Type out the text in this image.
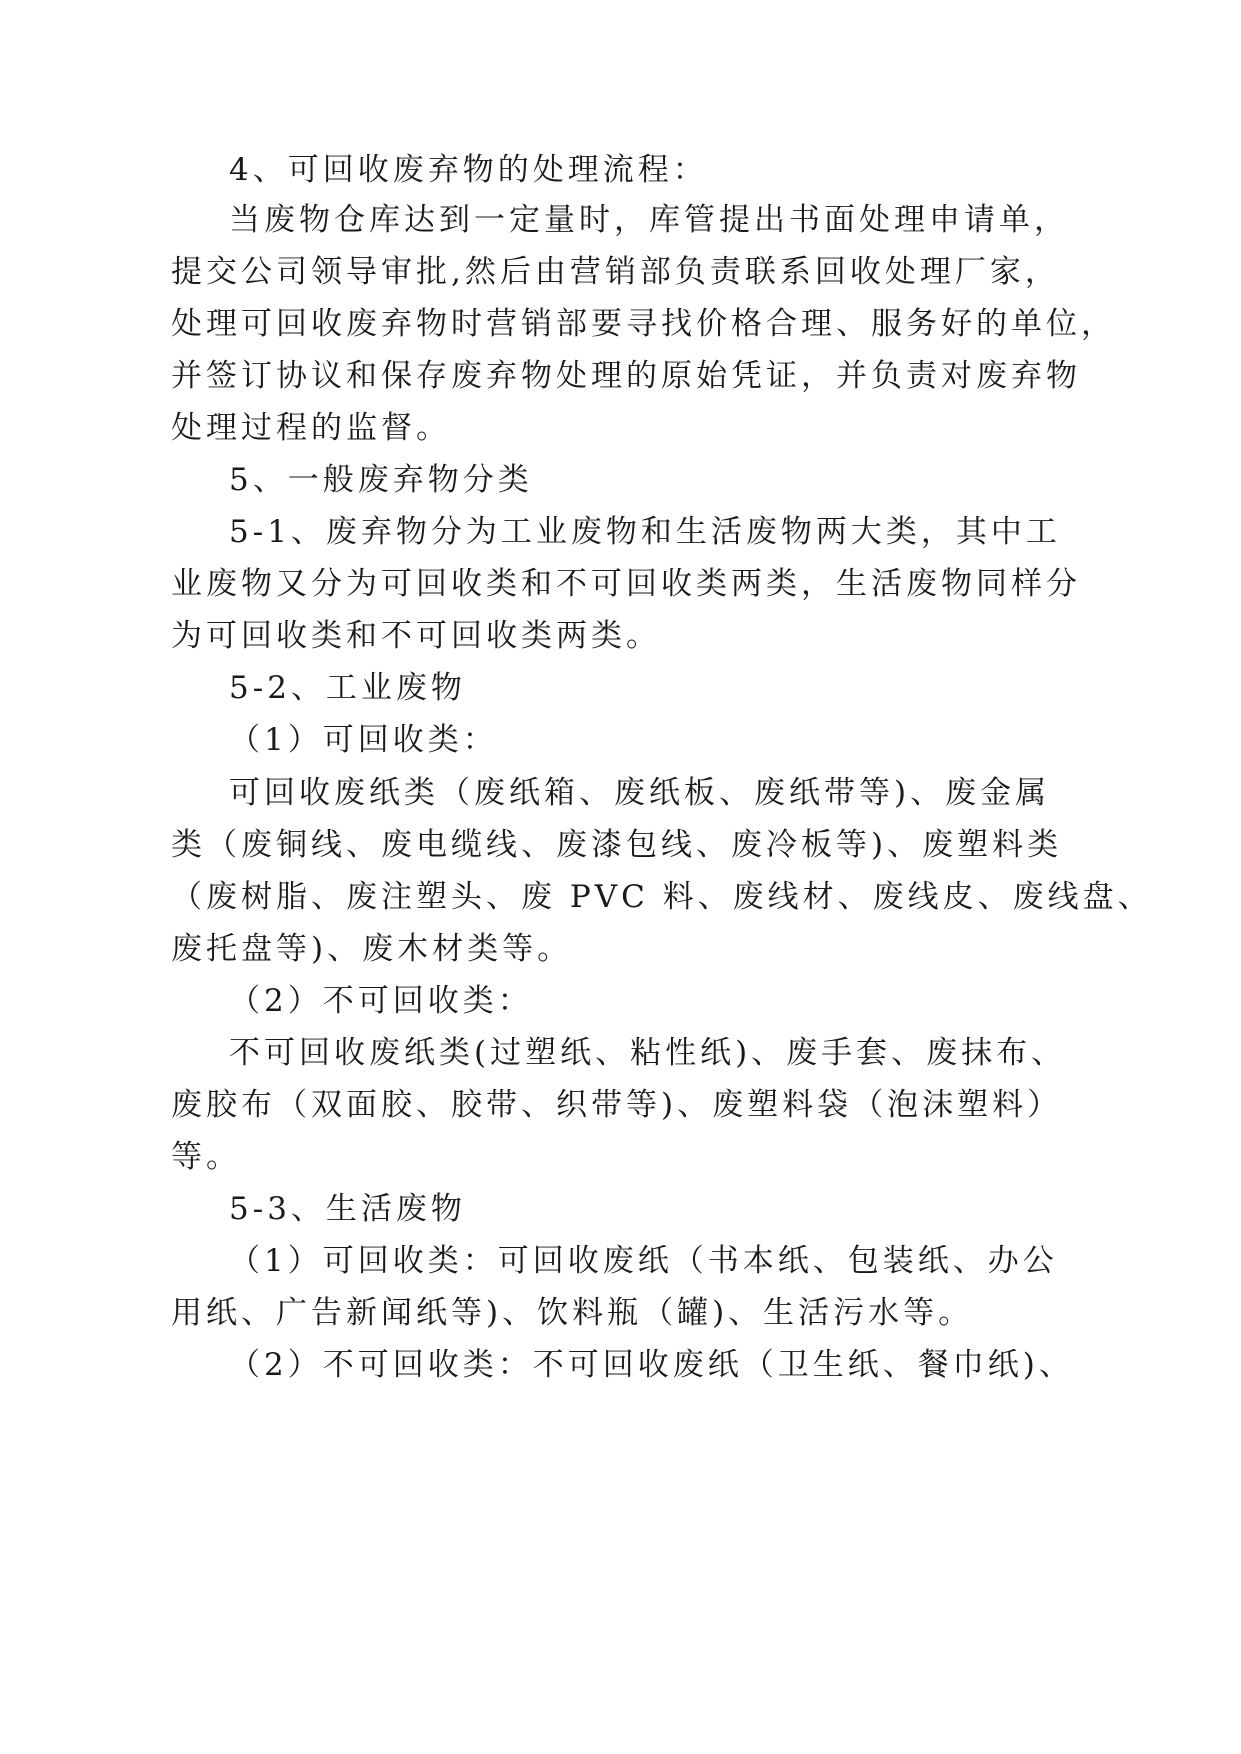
4、可回收废弃物的处理流程：
当废物仓库达到一定量时，库管提出书面处理申请单，
提交公司领导审批,然后由营销部负责联系回收处理厂家，
处理可回收废弃物时营销部要寻找价格合理、服务好的单位，
并签订协议和保存废弃物处理的原始凭证，并负责对废弃物
处理过程的监督。
5、一般废弃物分类
5-1、废弃物分为工业废物和生活废物两大类，其中工
业废物又分为可回收类和不可回收类两类，生活废物同样分
为可回收类和不可回收类两类。
5-2、工业废物
（1）可回收类：
可回收废纸类（废纸箱、废纸板、废纸带等)、废金属
类（废铜线、废电缆线、废漆包线、废冷板等)、废塑料类
（废树脂、废注塑头、废 PVC 料、废线材、废线皮、废线盘、
废托盘等)、废木材类等。
（2）不可回收类：
不可回收废纸类(过塑纸、粘性纸)、废手套、废抹布、
废胶布（双面胶、胶带、织带等)、废塑料袋（泡沫塑料）
等。
5-3、生活废物
（1）可回收类：可回收废纸（书本纸、包装纸、办公
用纸、广告新闻纸等)、饮料瓶（罐)、生活污水等。
（2）不可回收类：不可回收废纸（卫生纸、餐巾纸)、
